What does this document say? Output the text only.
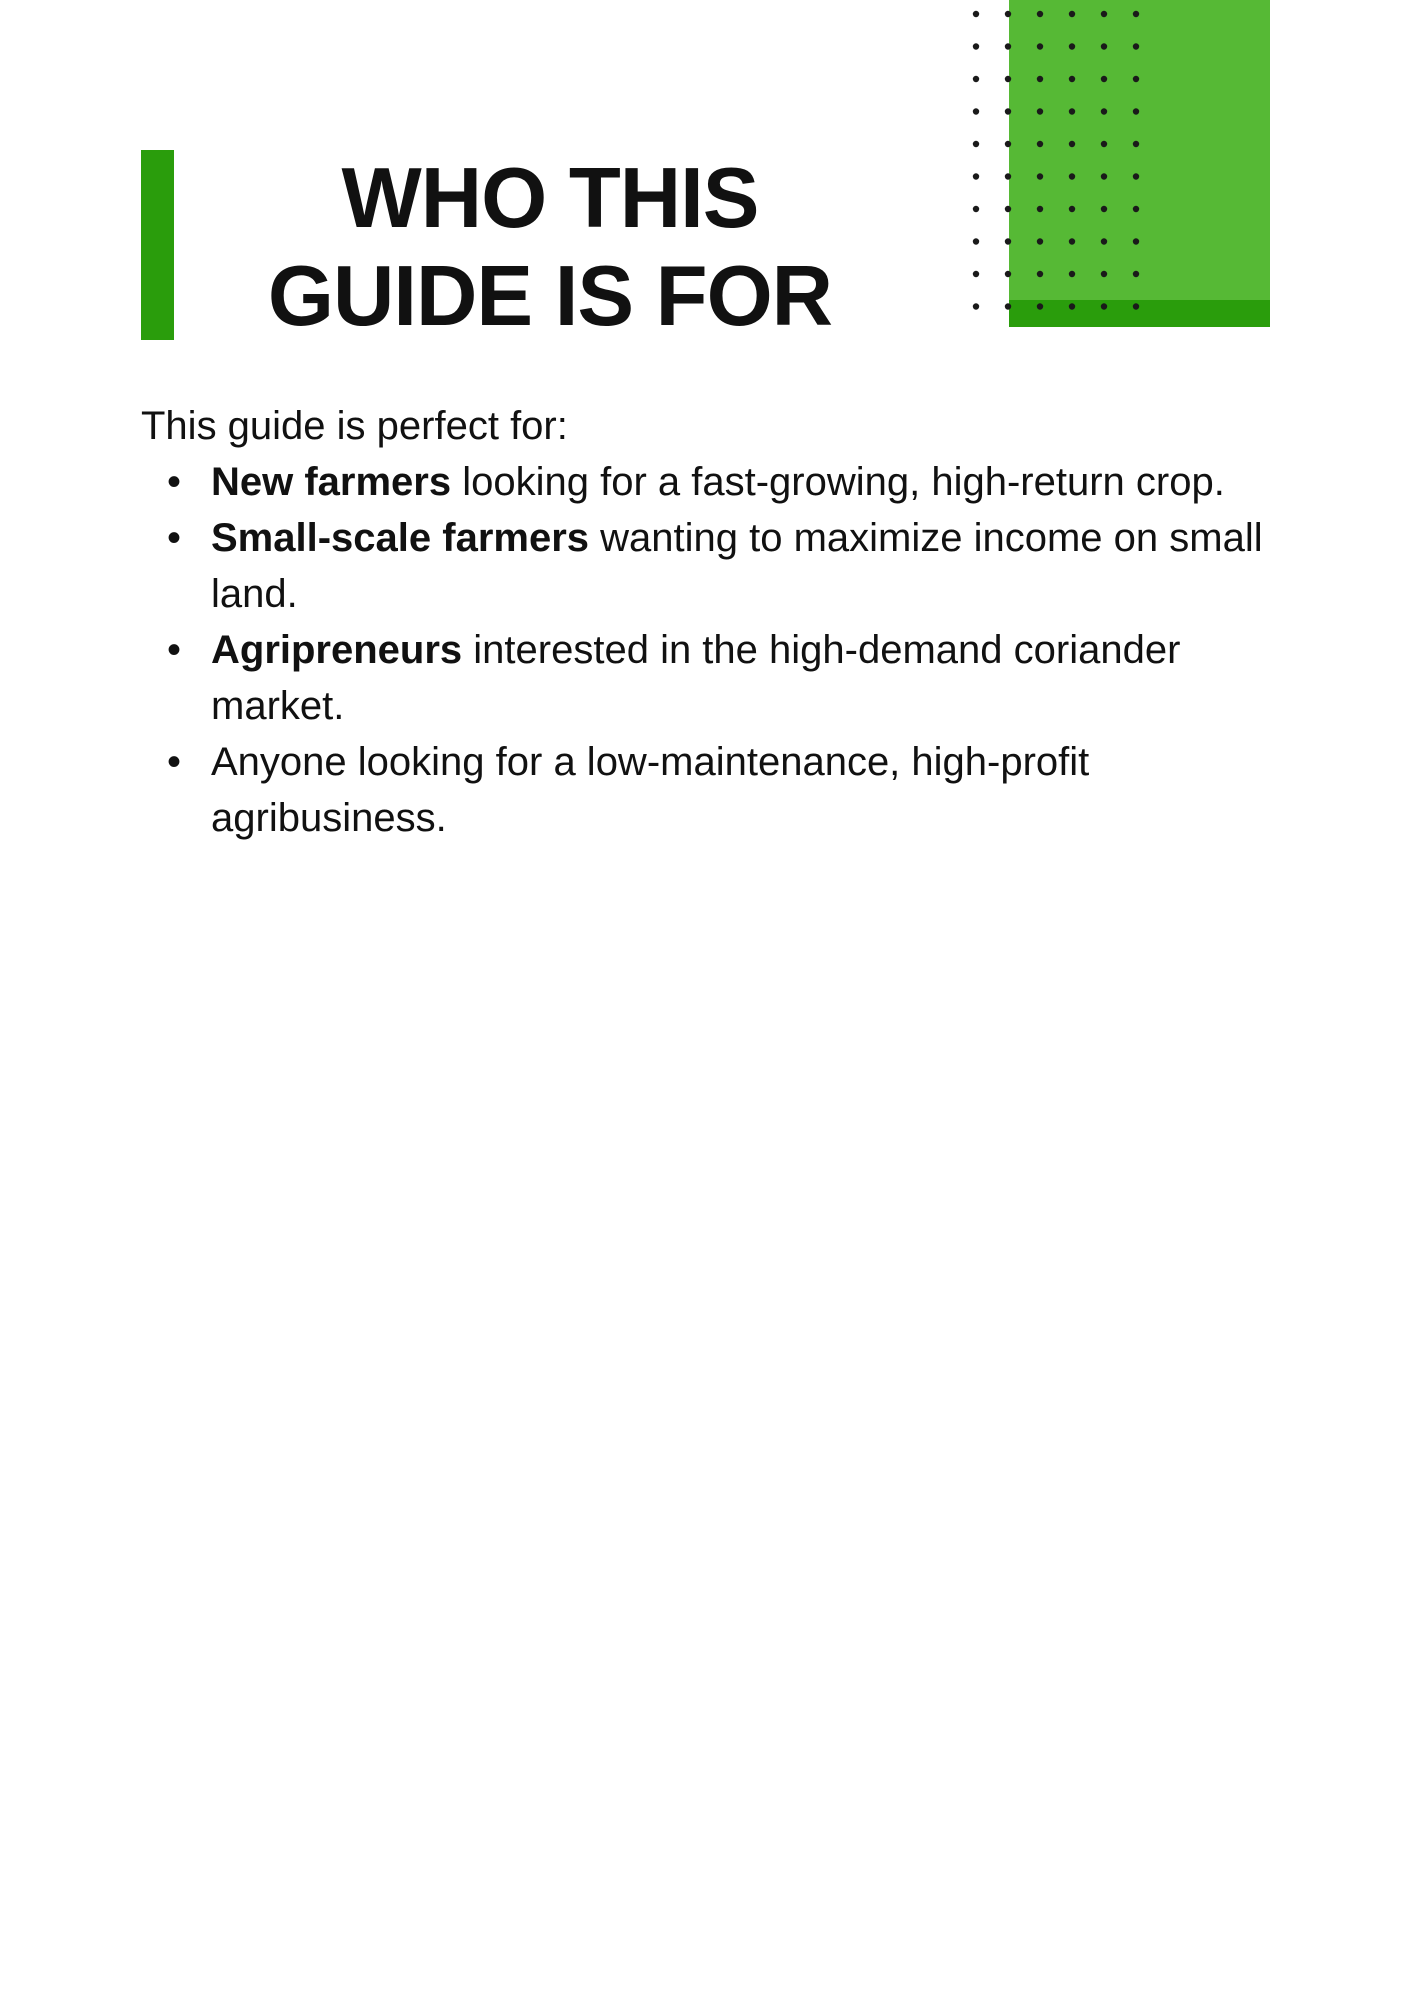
WHO THIS
GUIDE IS FOR

This guide is perfect for:

• New farmers looking for a fast-growing, high-return crop.
• Small-scale farmers wanting to maximize income on small land.
• Agripreneurs interested in the high-demand coriander market.
• Anyone looking for a low-maintenance, high-profit agribusiness.
